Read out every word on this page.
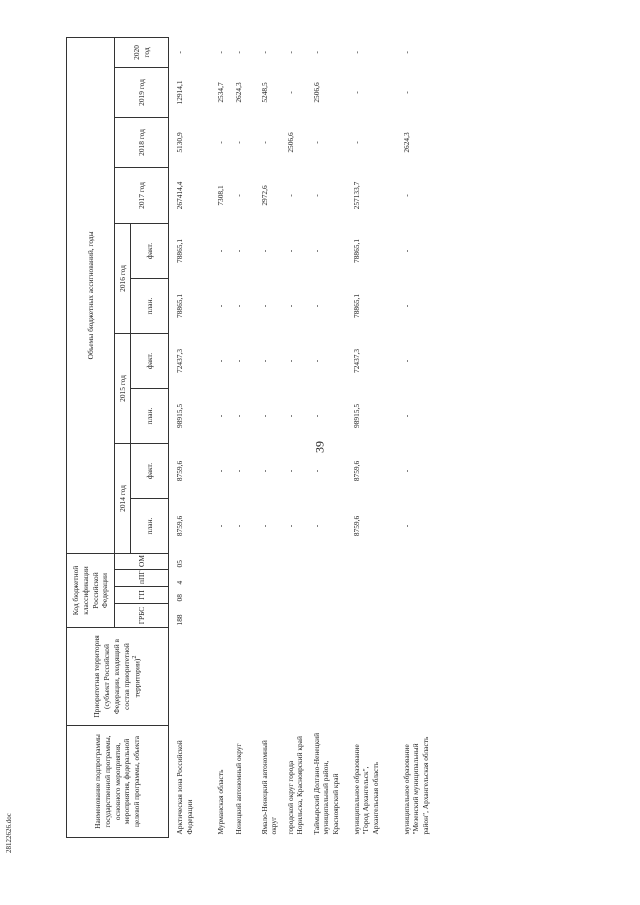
39
28122626.doc
Наименование подпрограммы государственной программы, основного мероприятия, мероприятия, федеральной целевой программы, объекта	Приоритетная территория (субъект Российской Федерации, входящий в состав приоритетной территории)$^2$	Код бюджетной классификации Российской Федерации				Объемы бюджетных ассигнований, годы									
		ГРБС	ГП	пПГ	ОМ	2014 год		2015 год		2016 год		2017 год	2018 год	2019 год	2020 год
						план.	факт.	план.	факт.	план.	факт.				
Арктическая зона Российской Федерации		188	08	4	05	8759,6	8759,6	98915,5	72437,3	78865,1	78865,1	267414,4	5130,9	12914,1	-
Мурманская область						-	-	-	-	-	-	7308,1	-	2534,7	-
Ненецкий автономный округ						-	-	-	-	-	-	-	-	2624,3	-
Ямало-Ненецкий автономный округ						-	-	-	-	-	-	2972,6	-	5248,5	-
городской округ города Норильска, Красноярский край						-	-	-	-	-	-	-	2506,6	-	-
Таймырский Долгано-Ненецкий муниципальный район, Красноярский край						-	-	-	-	-	-	-	-	2506,6	-
муниципальное образование "Город Архангельск", Архангельская область						8759,6	8759,6	98915,5	72437,3	78865,1	78865,1	257133,7	-	-	-
муниципальное образование "Мезенский муниципальный район", Архангельская область						-	-	-	-	-	-	-	2624,3	-	-
